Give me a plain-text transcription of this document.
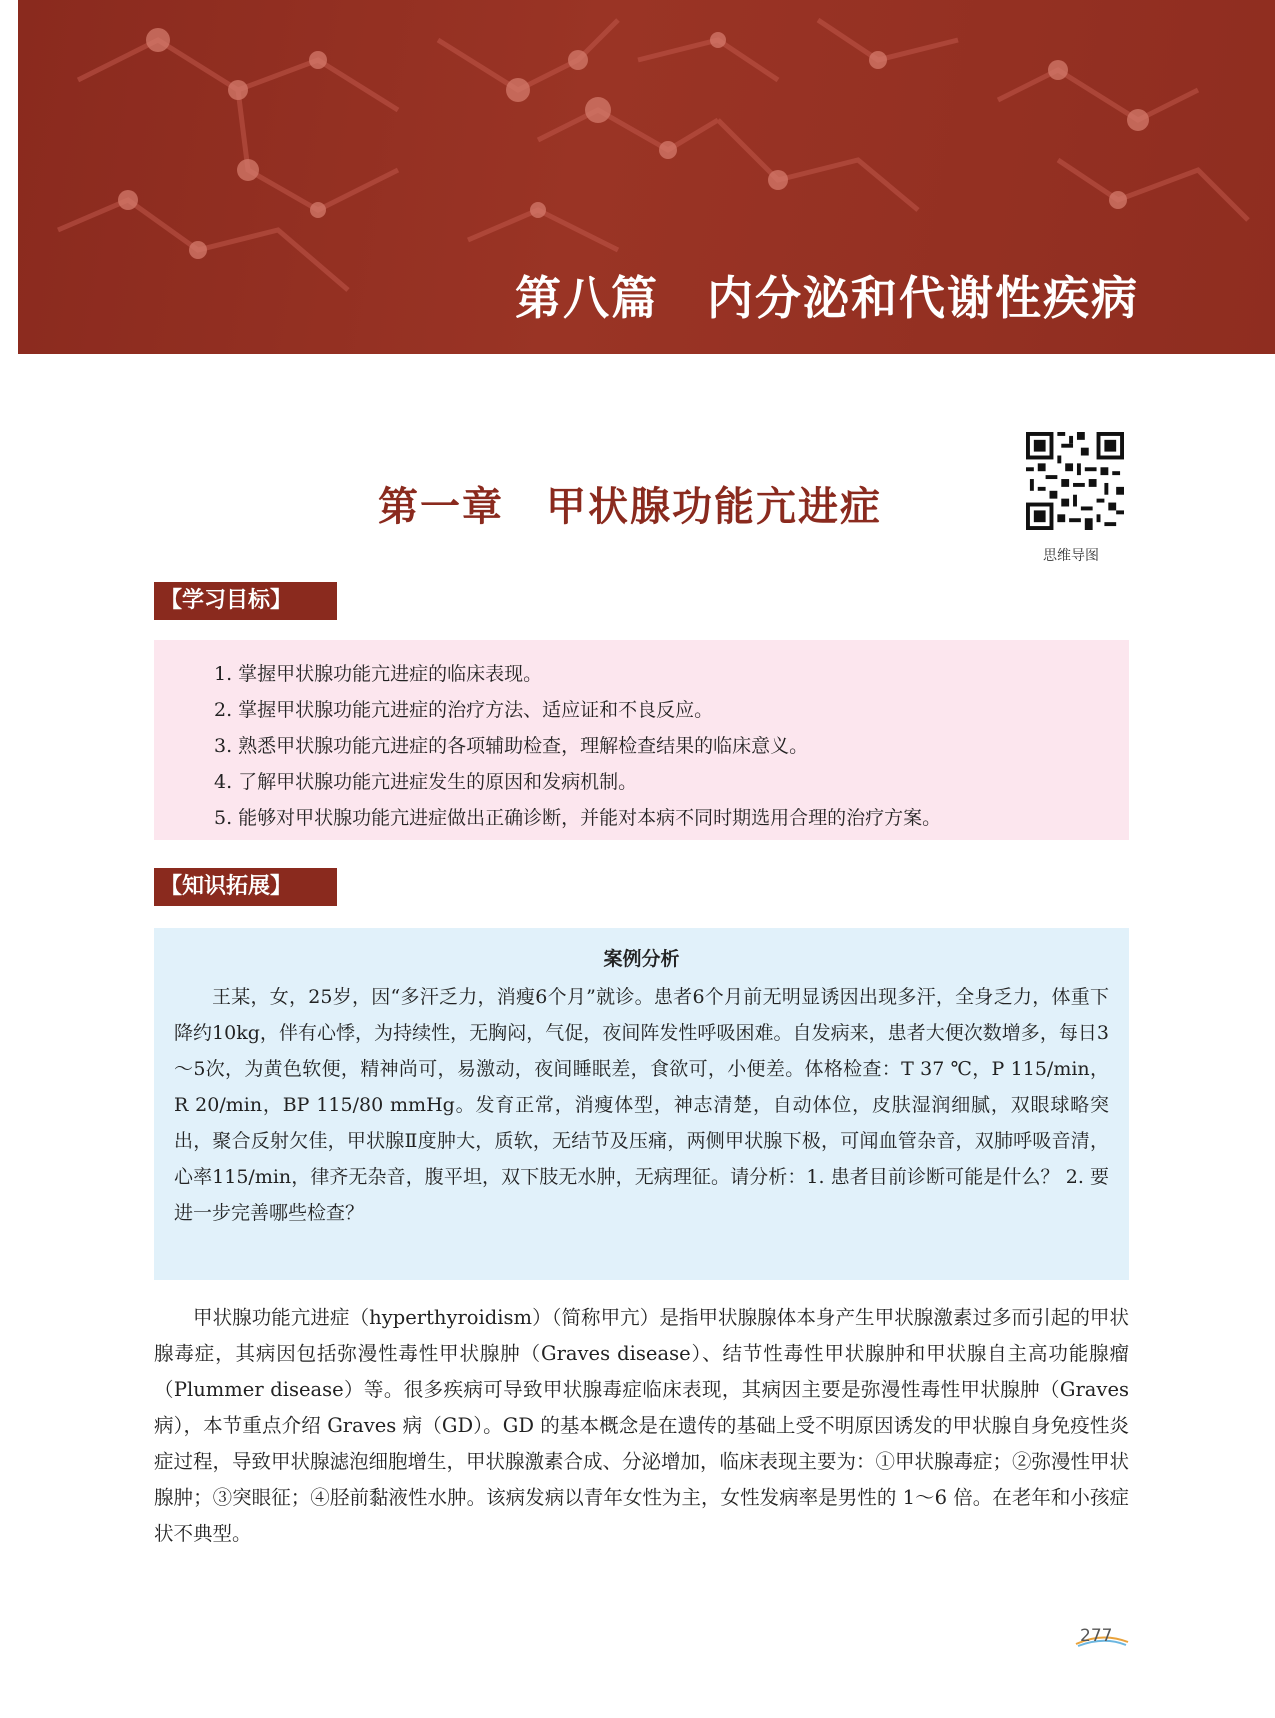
第八篇　内分泌和代谢性疾病
第一章　甲状腺功能亢进症
思维导图
【学习目标】
1. 掌握甲状腺功能亢进症的临床表现。
2. 掌握甲状腺功能亢进症的治疗方法、适应证和不良反应。
3. 熟悉甲状腺功能亢进症的各项辅助检查，理解检查结果的临床意义。
4. 了解甲状腺功能亢进症发生的原因和发病机制。
5. 能够对甲状腺功能亢进症做出正确诊断，并能对本病不同时期选用合理的治疗方案。
【知识拓展】
案例分析
王某，女，25岁，因“多汗乏力，消瘦6个月”就诊。患者6个月前无明显诱因出现多汗，全身乏力，体重下降约10kg，伴有心悸，为持续性，无胸闷，气促，夜间阵发性呼吸困难。自发病来，患者大便次数增多，每日3～5次，为黄色软便，精神尚可，易激动，夜间睡眠差，食欲可，小便差。体格检查：T 37 ℃，P 115/min，R 20/min，BP 115/80 mmHg。发育正常，消瘦体型，神志清楚，自动体位，皮肤湿润细腻，双眼球略突出，聚合反射欠佳，甲状腺Ⅱ度肿大，质软，无结节及压痛，两侧甲状腺下极，可闻血管杂音，双肺呼吸音清，心率115/min，律齐无杂音，腹平坦，双下肢无水肿，无病理征。请分析：1. 患者目前诊断可能是什么？ 2. 要进一步完善哪些检查？
甲状腺功能亢进症（hyperthyroidism）（简称甲亢）是指甲状腺腺体本身产生甲状腺激素过多而引起的甲状腺毒症，其病因包括弥漫性毒性甲状腺肿（Graves disease）、结节性毒性甲状腺肿和甲状腺自主高功能腺瘤（Plummer disease）等。很多疾病可导致甲状腺毒症临床表现，其病因主要是弥漫性毒性甲状腺肿（Graves 病），本节重点介绍 Graves 病（GD）。GD 的基本概念是在遗传的基础上受不明原因诱发的甲状腺自身免疫性炎症过程，导致甲状腺滤泡细胞增生，甲状腺激素合成、分泌增加，临床表现主要为：①甲状腺毒症；②弥漫性甲状腺肿；③突眼征；④胫前黏液性水肿。该病发病以青年女性为主，女性发病率是男性的 1～6 倍。在老年和小孩症状不典型。
277
